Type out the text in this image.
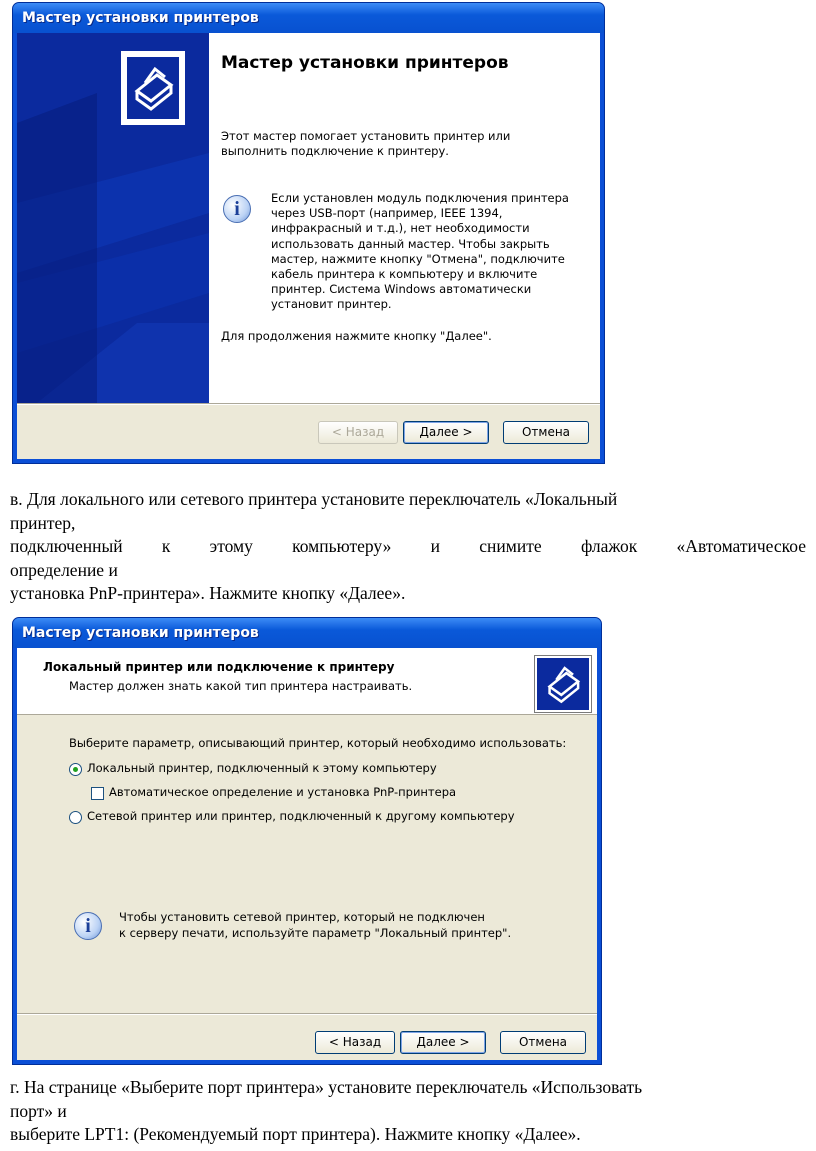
Мастер установки принтеров
Мастер установки принтеров
Этот мастер помогает установить принтер или выполнить подключение к принтеру.
i	Если установлен модуль подключения принтера через USB-порт (например, IEEE 1394, инфракрасный и т.д.), нет необходимости использовать данный мастер. Чтобы закрыть мастер, нажмите кнопку "Отмена", подключите кабель принтера к компьютеру и включите принтер. Система Windows автоматически установит принтер.
Для продолжения нажмите кнопку "Далее".
< Назад	Далее >	Отмена
в. Для локального или сетевого принтера установите переключатель «Локальный
принтер,
подключенный к этому компьютеру» и снимите флажок «Автоматическое
определение и
установка PnP-принтера». Нажмите кнопку «Далее».
Мастер установки принтеров
Локальный принтер или подключение к принтеру
Мастер должен знать какой тип принтера настраивать.
Выберите параметр, описывающий принтер, который необходимо использовать:
Локальный принтер, подключенный к этому компьютеру
Автоматическое определение и установка PnP-принтера
Сетевой принтер или принтер, подключенный к другому компьютеру
i	Чтобы установить сетевой принтер, который не подключен
к серверу печати, используйте параметр "Локальный принтер".
< Назад	Далее >	Отмена
г. На странице «Выберите порт принтера» установите переключатель «Использовать
порт» и
выберите LPT1: (Рекомендуемый порт принтера). Нажмите кнопку «Далее».
